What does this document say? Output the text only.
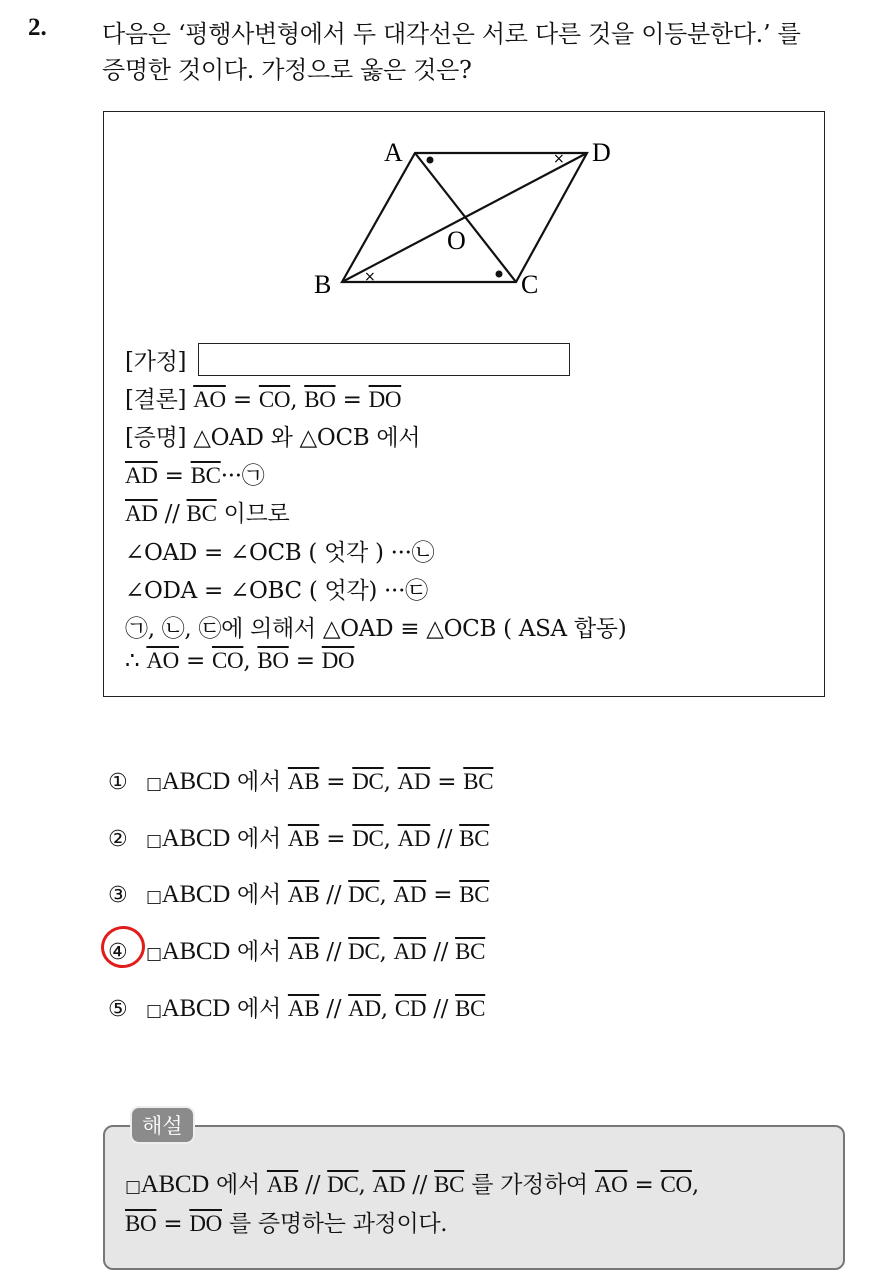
2. 다음은 ‘평행사변형에서 두 대각선은 서로 다른 것을 이등분한다.’ 를
증명한 것이다. 가정으로 옳은 것은?
×
×
A	D
B	C
O
[가정]
[결론] $\overline{AO} = \overline{CO}$, $\overline{BO} = \overline{DO}$
[증명] △OAD 와 △OCB 에서
$\overline{AD}$ = $\overline{BC}\cdot\cdot\cdot㉠$
$\overline{AD} // \overline{BC}$ 이므로
∠OAD = ∠OCB ( 엇각 ) ···㉡
∠ODA = ∠OBC ( 엇각) ···㉢
㉠, ㉡, ㉢에 의해서 △OAD ≡ △OCB ( ASA 합동)
∴ $\overline{AO} = \overline{CO}$, $\overline{BO} = \overline{DO}$
① □ABCD 에서 $\overline{AB} = \overline{DC}$, $\overline{AD} = \overline{BC}$
② □ABCD 에서 $\overline{AB} = \overline{DC}$, $\overline{AD} // \overline{BC}$
③ □ABCD 에서 $\overline{AB} // \overline{DC}$, $\overline{AD} = \overline{BC}$
④ □ABCD 에서 $\overline{AB} // \overline{DC}$, $\overline{AD} // \overline{BC}$
⑤ □ABCD 에서 $\overline{AB} // \overline{AD}$, $\overline{CD} // \overline{BC}$
해설
□ABCD 에서 $\overline{AB} // \overline{DC}$, $\overline{AD} // \overline{BC}$ 를 가정하여 $\overline{AO} = \overline{CO}$,
$\overline{BO} = \overline{DO}$ 를 증명하는 과정이다.
